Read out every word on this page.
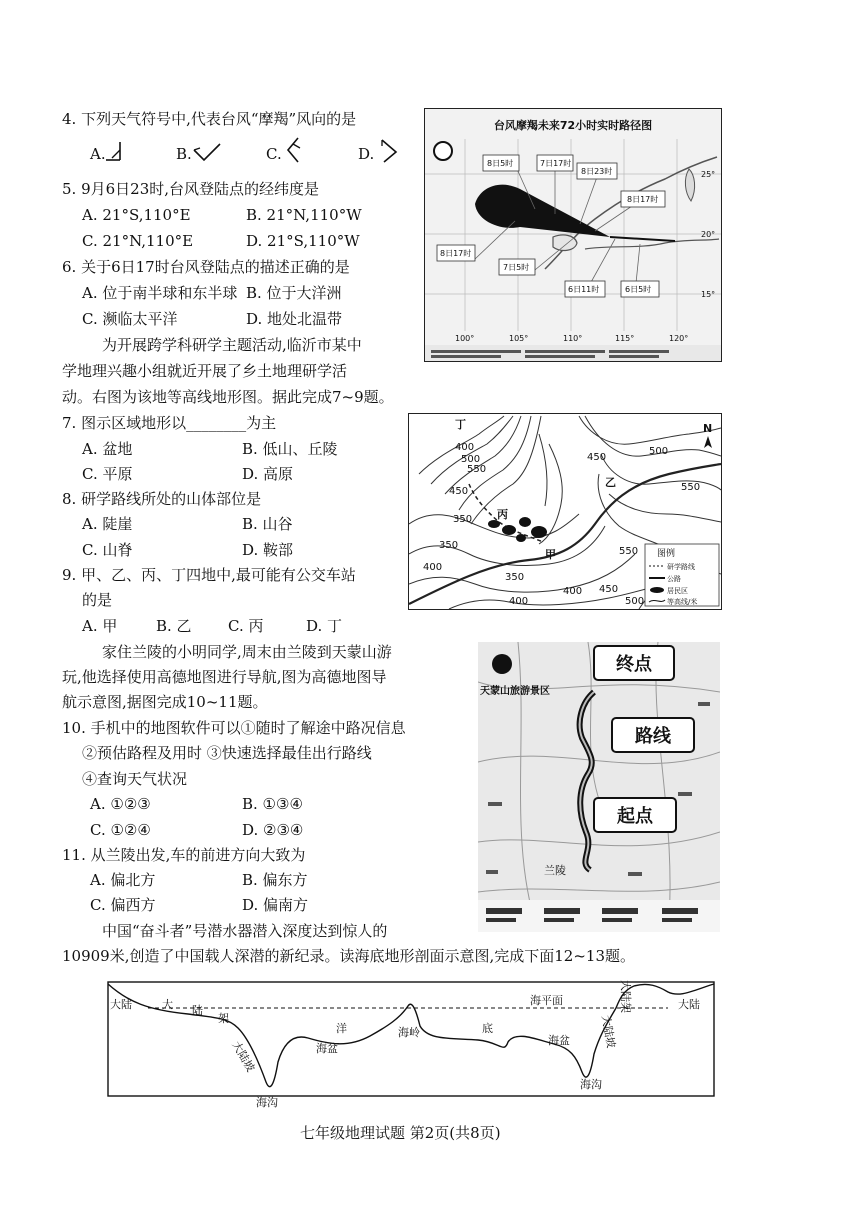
4. 下列天气符号中,代表台风“摩羯”风向的是
A.	B.	C.	D.
5. 9月6日23时,台风登陆点的经纬度是
A. 21°S,110°E	B. 21°N,110°W
C. 21°N,110°E	D. 21°S,110°W
6. 关于6日17时台风登陆点的描述正确的是
A. 位于南半球和东半球 B. 位于大洋洲
C. 濒临太平洋	D. 地处北温带
为开展跨学科研学主题活动,临沂市某中
学地理兴趣小组就近开展了乡土地理研学活
动。右图为该地等高线地形图。据此完成7~9题。
7. 图示区域地形以________为主
A. 盆地	B. 低山、丘陵
C. 平原	D. 高原
8. 研学路线所处的山体部位是
A. 陡崖	B. 山谷
C. 山脊	D. 鞍部
9. 甲、乙、丙、丁四地中,最可能有公交车站
的是
A. 甲	B. 乙 C. 丙	D. 丁
家住兰陵的小明同学,周末由兰陵到天蒙山游
玩,他选择使用高德地图进行导航,图为高德地图导
航示意图,据图完成10~11题。
10. 手机中的地图软件可以①随时了解途中路况信息
②预估路程及用时 ③快速选择最佳出行路线
④查询天气状况
A. ①②③	B. ①③④
C. ①②④	D. ②③④
11. 从兰陵出发,车的前进方向大致为
A. 偏北方	B. 偏东方
C. 偏西方	D. 偏南方
中国“奋斗者”号潜水器潜入深度达到惊人的
10909米,创造了中国载人深潜的新纪录。读海底地形剖面示意图,完成下面12~13题。
8日5时	7日17时
8日23时
8日17时
8日17时
7日5时
6日11时	6日5时
台风摩羯未来72小时实时路径图
100°	105°	110°	115°	120°
25°
20°
15°
400
500
550
450
500
550
450
350
350
400
350
400
450
500
550
400
丁
乙
丙
甲
N
图例
研学路线
公路
居民区
等高线/米
终点
路线
起点
天蒙山旅游景区
兰陵
大陆	大 陆
架
大陆坡
洋
海盆
海岭	底
海平面
海盆	大陆坡
大陆架	大陆
海沟
海沟
七年级地理试题 第2页(共8页)
